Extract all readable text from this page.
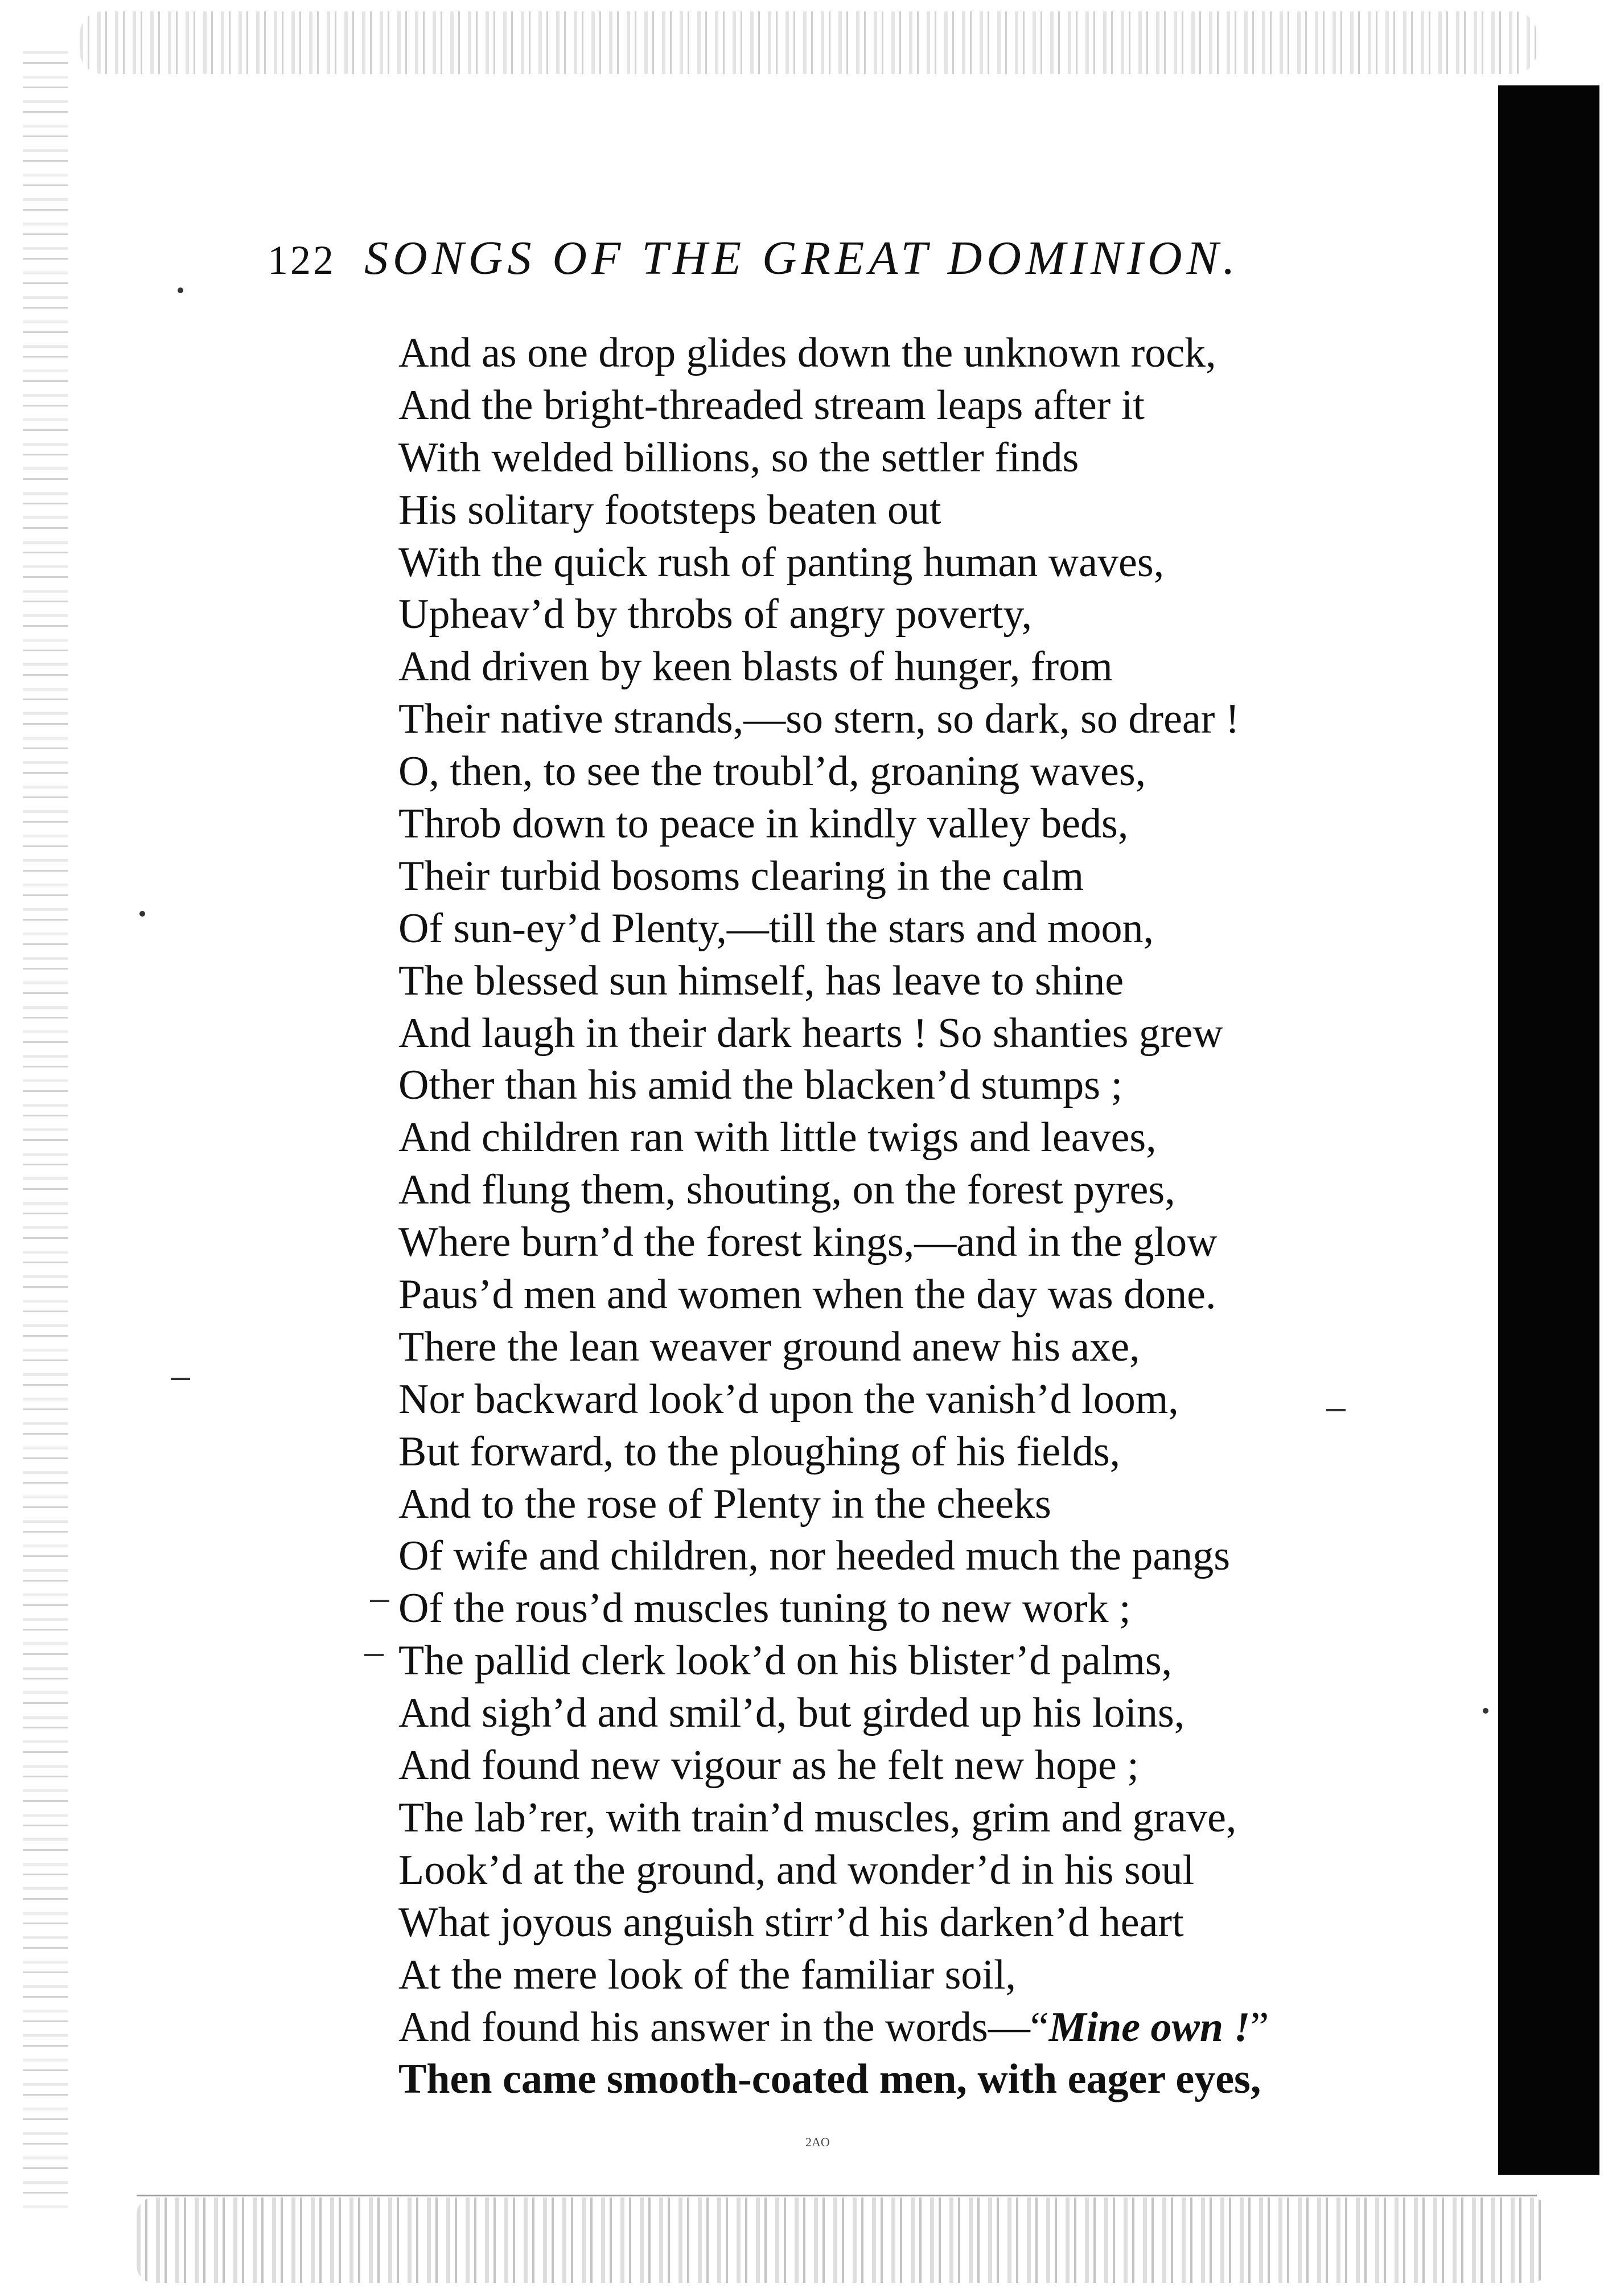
122 SONGS OF THE GREAT DOMINION.
And as one drop glides down the unknown rock,
And the bright-threaded stream leaps after it
With welded billions, so the settler finds
His solitary footsteps beaten out
With the quick rush of panting human waves,
Upheav’d by throbs of angry poverty,
And driven by keen blasts of hunger, from
Their native strands,—so stern, so dark, so drear !
O, then, to see the troubl’d, groaning waves,
Throb down to peace in kindly valley beds,
Their turbid bosoms clearing in the calm
Of sun-ey’d Plenty,—till the stars and moon,
The blessed sun himself, has leave to shine
And laugh in their dark hearts ! So shanties grew
Other than his amid the blacken’d stumps ;
And children ran with little twigs and leaves,
And flung them, shouting, on the forest pyres,
Where burn’d the forest kings,—and in the glow
Paus’d men and women when the day was done.
There the lean weaver ground anew his axe,
Nor backward look’d upon the vanish’d loom,
But forward, to the ploughing of his fields,
And to the rose of Plenty in the cheeks
Of wife and children, nor heeded much the pangs
Of the rous’d muscles tuning to new work ;
The pallid clerk look’d on his blister’d palms,
And sigh’d and smil’d, but girded up his loins,
And found new vigour as he felt new hope ;
The lab’rer, with train’d muscles, grim and grave,
Look’d at the ground, and wonder’d in his soul
What joyous anguish stirr’d his darken’d heart
At the mere look of the familiar soil,
And found his answer in the words—“Mine own !”
Then came smooth-coated men, with eager eyes,
2AO
